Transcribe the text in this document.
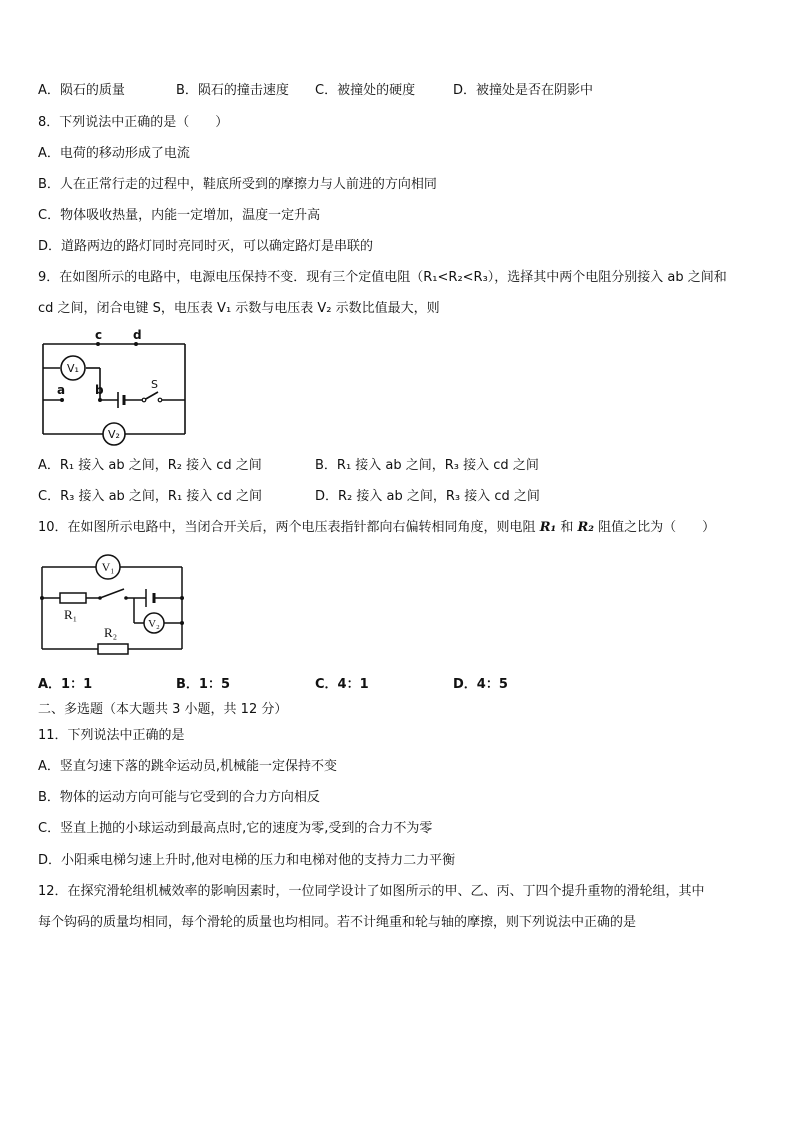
A．陨石的质量	B．陨石的撞击速度 C．被撞处的硬度	D．被撞处是否在阴影中
8．下列说法中正确的是（　　）
A．电荷的移动形成了电流
B．人在正常行走的过程中，鞋底所受到的摩擦力与人前进的方向相同
C．物体吸收热量，内能一定增加，温度一定升高
D．道路两边的路灯同时亮同时灭，可以确定路灯是串联的
9．在如图所示的电路中，电源电压保持不变．现有三个定值电阻（R₁<R₂<R₃），选择其中两个电阻分别接入 ab 之间和
cd 之间，闭合电键 S，电压表 V₁ 示数与电压表 V₂ 示数比值最大，则
V₁
V₂
c	d
a b	S
A．R₁ 接入 ab 之间，R₂ 接入 cd 之间	B．R₁ 接入 ab 之间，R₃ 接入 cd 之间
C．R₃ 接入 ab 之间，R₁ 接入 cd 之间	D．R₂ 接入 ab 之间，R₃ 接入 cd 之间
10．在如图所示电路中，当闭合开关后，两个电压表指针都向右偏转相同角度，则电阻 R₁ 和 R₂ 阻值之比为（　　）
V₁
V₂
R₁
R₂
A．1：1	B．1：5	C．4：1	D．4：5
二、多选题（本大题共 3 小题，共 12 分）
11．下列说法中正确的是
A．竖直匀速下落的跳伞运动员,机械能一定保持不变
B．物体的运动方向可能与它受到的合力方向相反
C．竖直上抛的小球运动到最高点时,它的速度为零,受到的合力不为零
D．小阳乘电梯匀速上升时,他对电梯的压力和电梯对他的支持力二力平衡
12．在探究滑轮组机械效率的影响因素时，一位同学设计了如图所示的甲、乙、丙、丁四个提升重物的滑轮组，其中
每个钩码的质量均相同，每个滑轮的质量也均相同。若不计绳重和轮与轴的摩擦，则下列说法中正确的是
